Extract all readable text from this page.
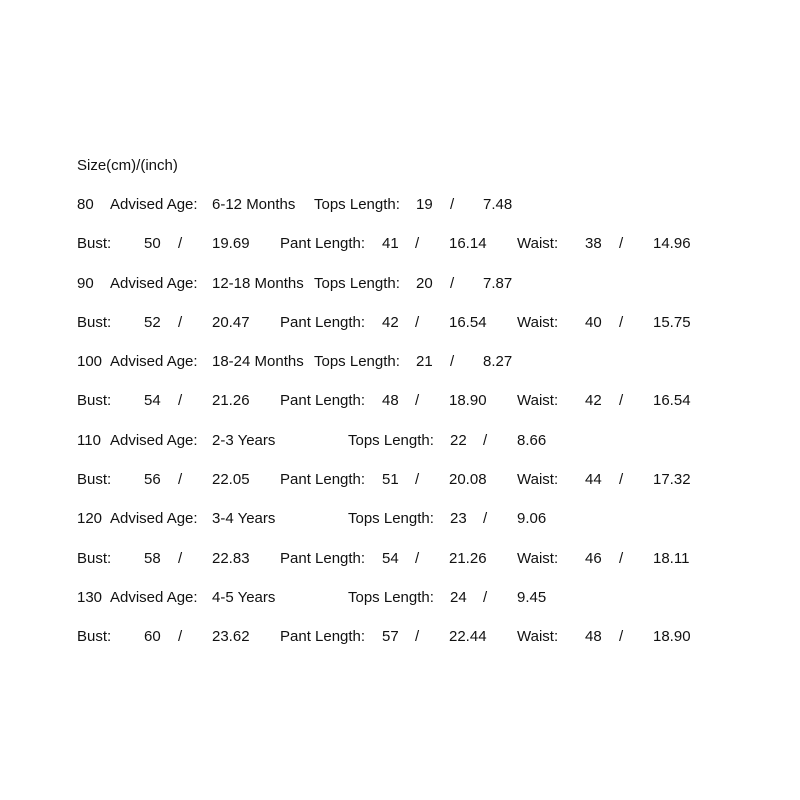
Size(cm)/(inch)
80 Advised Age: 6-12 Months Tops Length: 19 / 7.48
Bust: 50 / 19.69 Pant Length: 41 / 16.14 Waist: 38 / 14.96
90 Advised Age: 12-18 Months Tops Length: 20 / 7.87
Bust: 52 / 20.47 Pant Length: 42 / 16.54 Waist: 40 / 15.75
100 Advised Age: 18-24 Months Tops Length: 21 / 8.27
Bust: 54 / 21.26 Pant Length: 48 / 18.90 Waist: 42 / 16.54
110 Advised Age: 2-3 Years	Tops Length: 22 / 8.66
Bust: 56 / 22.05 Pant Length: 51 / 20.08 Waist: 44 / 17.32
120 Advised Age: 3-4 Years	Tops Length: 23 / 9.06
Bust: 58 / 22.83 Pant Length: 54 / 21.26 Waist: 46 / 18.11
130 Advised Age: 4-5 Years	Tops Length: 24 / 9.45
Bust: 60 / 23.62 Pant Length: 57 / 22.44 Waist: 48 / 18.90
